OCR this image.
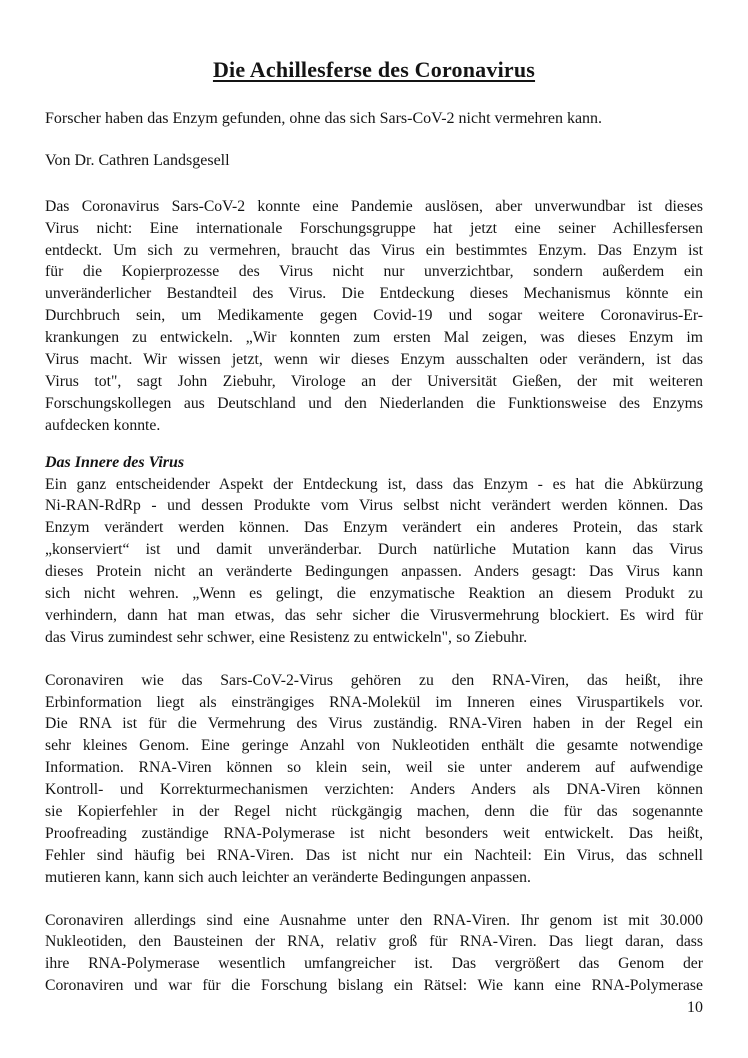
Die Achillesferse des Coronavirus
Forscher haben das Enzym gefunden, ohne das sich Sars-CoV-2 nicht vermehren kann.
Von Dr. Cathren Landsgesell
Das Coronavirus Sars-CoV-2 konnte eine Pandemie auslösen, aber unverwundbar ist dieses
Virus nicht: Eine internationale Forschungsgruppe hat jetzt eine seiner Achillesfersen
entdeckt. Um sich zu vermehren, braucht das Virus ein bestimmtes Enzym. Das Enzym ist
für die Kopierprozesse des Virus nicht nur unverzichtbar, sondern außerdem ein
unveränderlicher Bestandteil des Virus. Die Entdeckung dieses Mechanismus könnte ein
Durchbruch sein, um Medikamente gegen Covid-19 und sogar weitere Coronavirus-Er-
krankungen zu entwickeln. „Wir konnten zum ersten Mal zeigen, was dieses Enzym im
Virus macht. Wir wissen jetzt, wenn wir dieses Enzym ausschalten oder verändern, ist das
Virus tot", sagt John Ziebuhr, Virologe an der Universität Gießen, der mit weiteren
Forschungskollegen aus Deutschland und den Niederlanden die Funktionsweise des Enzyms
aufdecken konnte.
Das Innere des Virus
Ein ganz entscheidender Aspekt der Entdeckung ist, dass das Enzym - es hat die Abkürzung
Ni-RAN-RdRp - und dessen Produkte vom Virus selbst nicht verändert werden können. Das
Enzym verändert werden können. Das Enzym verändert ein anderes Protein, das stark
„konserviert“ ist und damit unveränderbar. Durch natürliche Mutation kann das Virus
dieses Protein nicht an veränderte Bedingungen anpassen. Anders gesagt: Das Virus kann
sich nicht wehren. „Wenn es gelingt, die enzymatische Reaktion an diesem Produkt zu
verhindern, dann hat man etwas, das sehr sicher die Virusvermehrung blockiert. Es wird für
das Virus zumindest sehr schwer, eine Resistenz zu entwickeln", so Ziebuhr.
Coronaviren wie das Sars-CoV-2-Virus gehören zu den RNA-Viren, das heißt, ihre
Erbinformation liegt als einsträngiges RNA-Molekül im Inneren eines Viruspartikels vor.
Die RNA ist für die Vermehrung des Virus zuständig. RNA-Viren haben in der Regel ein
sehr kleines Genom. Eine geringe Anzahl von Nukleotiden enthält die gesamte notwendige
Information. RNA-Viren können so klein sein, weil sie unter anderem auf aufwendige
Kontroll- und Korrekturmechanismen verzichten: Anders Anders als DNA-Viren können
sie Kopierfehler in der Regel nicht rückgängig machen, denn die für das sogenannte
Proofreading zuständige RNA-Polymerase ist nicht besonders weit entwickelt. Das heißt,
Fehler sind häufig bei RNA-Viren. Das ist nicht nur ein Nachteil: Ein Virus, das schnell
mutieren kann, kann sich auch leichter an veränderte Bedingungen anpassen.
Coronaviren allerdings sind eine Ausnahme unter den RNA-Viren. Ihr genom ist mit 30.000
Nukleotiden, den Bausteinen der RNA, relativ groß für RNA-Viren. Das liegt daran, dass
ihre RNA-Polymerase wesentlich umfangreicher ist. Das vergrößert das Genom der
Coronaviren und war für die Forschung bislang ein Rätsel: Wie kann eine RNA-Polymerase
10
